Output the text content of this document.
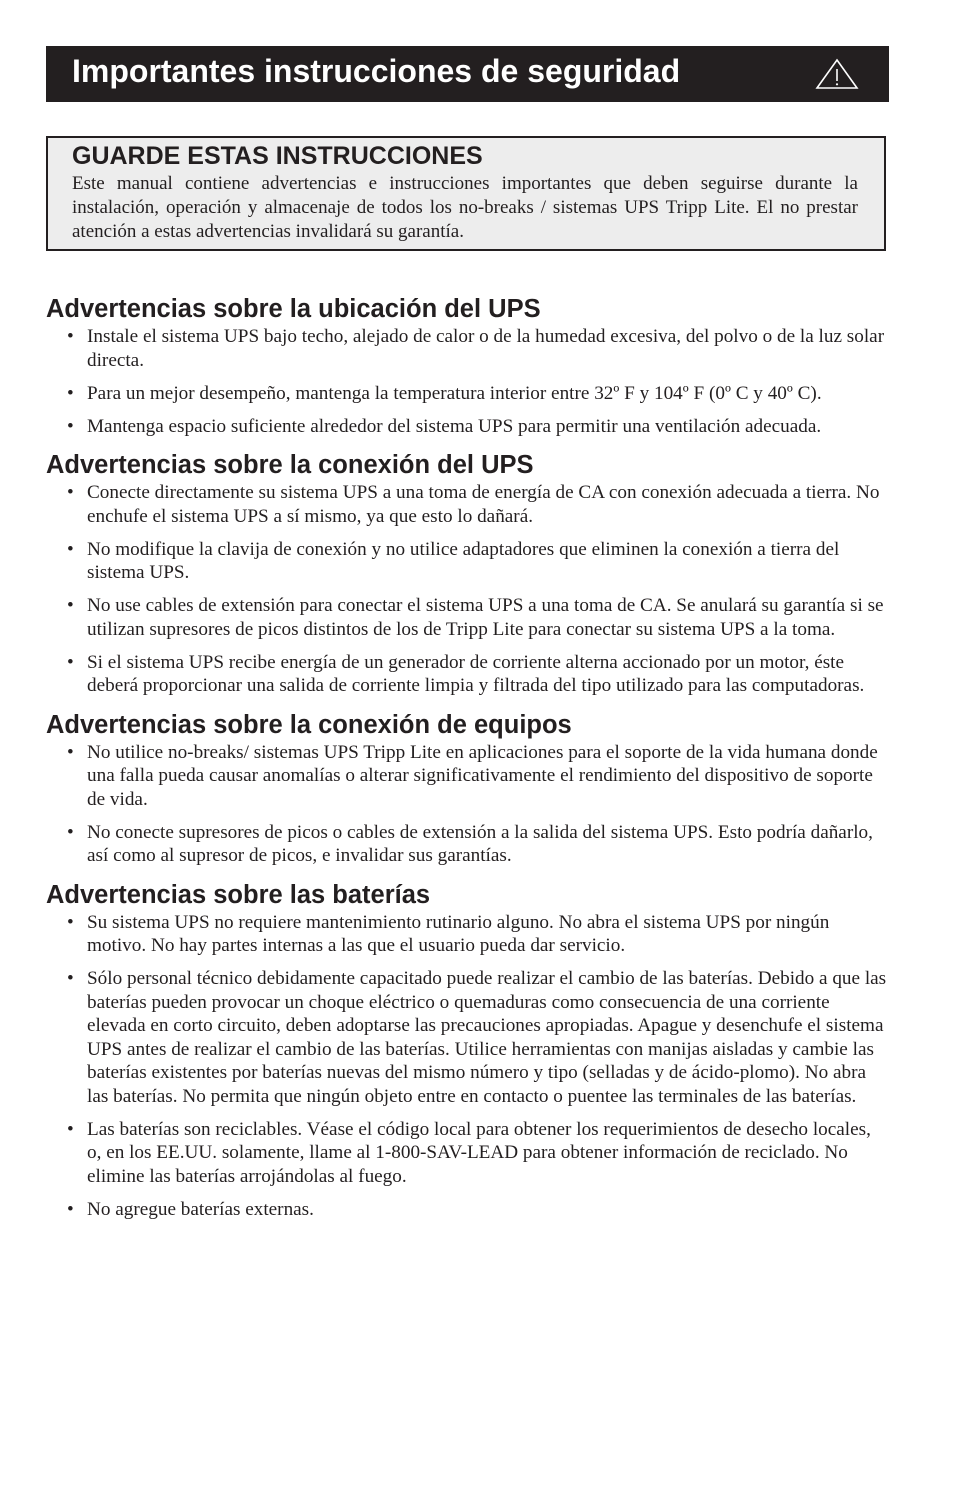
Importantes instrucciones de seguridad
GUARDE ESTAS INSTRUCCIONES

Este manual contiene advertencias e instrucciones importantes que deben seguirse durante la instalación, operación y almacenaje de todos los no-breaks / sistemas UPS Tripp Lite. El no prestar atención a estas advertencias invalidará su garantía.

Advertencias sobre la ubicación del UPS
• Instale el sistema UPS bajo techo, alejado de calor o de la humedad excesiva, del polvo o de la luz solar directa.
• Para un mejor desempeño, mantenga la temperatura interior entre 32º F y 104º F (0º C y 40º C).
• Mantenga espacio suficiente alrededor del sistema UPS para permitir una ventilación adecuada.
Advertencias sobre la conexión del UPS
• Conecte directamente su sistema UPS a una toma de energía de CA con conexión adecuada a tierra. No enchufe el sistema UPS a sí mismo, ya que esto lo dañará.
• No modifique la clavija de conexión y no utilice adaptadores que eliminen la conexión a tierra del sistema UPS.
• No use cables de extensión para conectar el sistema UPS a una toma de CA. Se anulará su garantía si se utilizan supresores de picos distintos de los de Tripp Lite para conectar su sistema UPS a la toma.
• Si el sistema UPS recibe energía de un generador de corriente alterna accionado por un motor, éste deberá proporcionar una salida de corriente limpia y filtrada del tipo utilizado para las computadoras.
Advertencias sobre la conexión de equipos
• No utilice no-breaks/ sistemas UPS Tripp Lite en aplicaciones para el soporte de la vida humana donde una falla pueda causar anomalías o alterar significativamente el rendimiento del dispositivo de soporte de vida.
• No conecte supresores de picos o cables de extensión a la salida del sistema UPS. Esto podría dañarlo, así como al supresor de picos, e invalidar sus garantías.
Advertencias sobre las baterías
• Su sistema UPS no requiere mantenimiento rutinario alguno. No abra el sistema UPS por ningún motivo. No hay partes internas a las que el usuario pueda dar servicio.
• Sólo personal técnico debidamente capacitado puede realizar el cambio de las baterías. Debido a que las baterías pueden provocar un choque eléctrico o quemaduras como consecuencia de una corriente elevada en corto circuito, deben adoptarse las precauciones apropiadas. Apague y desenchufe el sistema UPS antes de realizar el cambio de las baterías. Utilice herramientas con manijas aisladas y cambie las baterías existentes por baterías nuevas del mismo número y tipo (selladas y de ácido-plomo). No abra las baterías. No permita que ningún objeto entre en contacto o puentee las terminales de las baterías.
• Las baterías son reciclables. Véase el código local para obtener los requerimientos de desecho locales, o, en los EE.UU. solamente, llame al 1-800-SAV-LEAD para obtener información de reciclado. No elimine las baterías arrojándolas al fuego.
• No agregue baterías externas.
